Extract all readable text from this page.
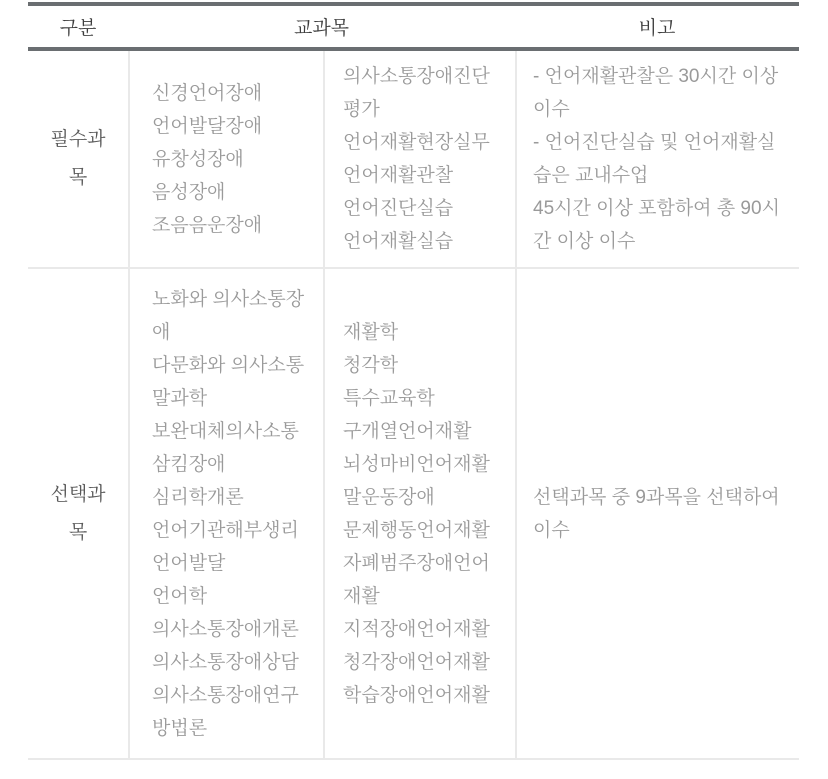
구분	교과목	비고
필수과목
신경언어장애
언어발달장애
유창성장애
음성장애
조음음운장애
의사소통장애진단평가
언어재활현장실무
언어재활관찰
언어진단실습
언어재활실습
- 언어재활관찰은 30시간 이상 이수
- 언어진단실습 및 언어재활실습은 교내수업
45시간 이상 포함하여 총 90시간 이상 이수
선택과목
노화와 의사소통장애
다문화와 의사소통
말과학
보완대체의사소통
삼킴장애
심리학개론
언어기관해부생리
언어발달
언어학
의사소통장애개론
의사소통장애상담
의사소통장애연구방법론
재활학
청각학
특수교육학
구개열언어재활
뇌성마비언어재활
말운동장애
문제행동언어재활
자폐범주장애언어재활
지적장애언어재활
청각장애언어재활
학습장애언어재활
선택과목 중 9과목을 선택하여 이수
